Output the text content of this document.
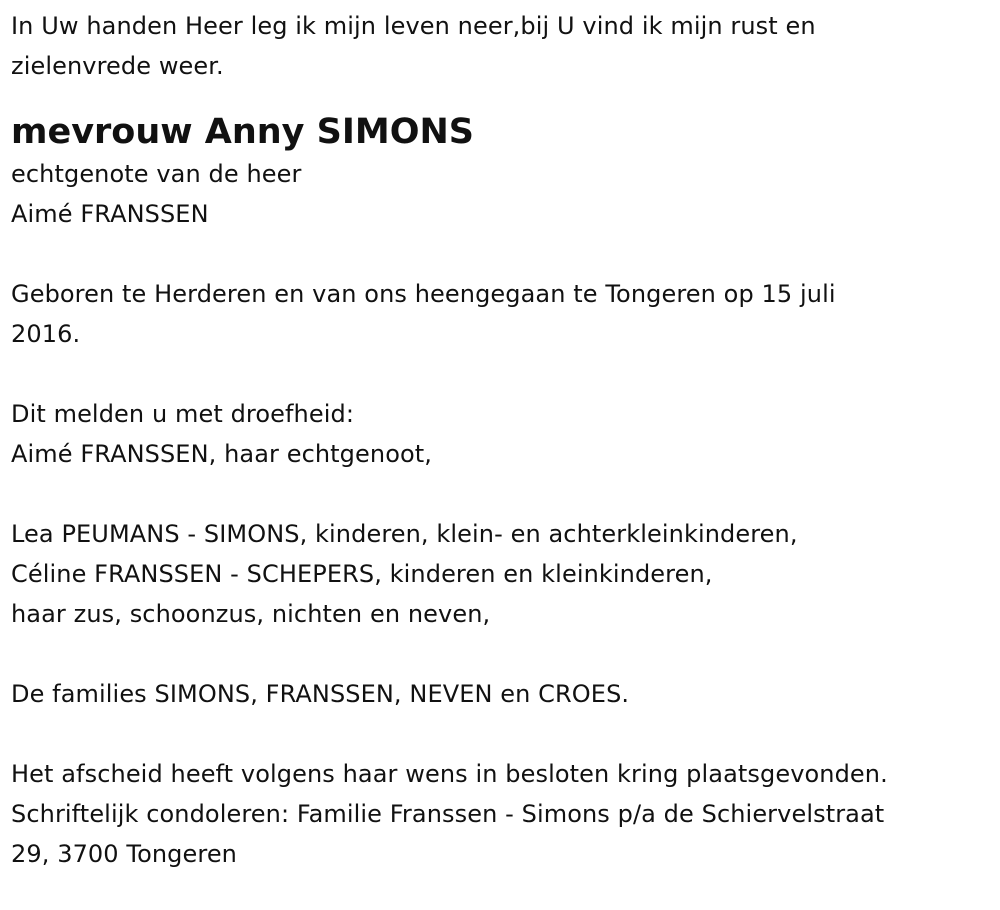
In Uw handen Heer leg ik mijn leven neer,bij U vind ik mijn rust en
zielenvrede weer.
mevrouw Anny SIMONS
echtgenote van de heer
Aimé FRANSSEN
Geboren te Herderen en van ons heengegaan te Tongeren op 15 juli
2016.
Dit melden u met droefheid:
Aimé FRANSSEN, haar echtgenoot,
Lea PEUMANS - SIMONS, kinderen, klein- en achterkleinkinderen,
Céline FRANSSEN - SCHEPERS, kinderen en kleinkinderen,
haar zus, schoonzus, nichten en neven,
De families SIMONS, FRANSSEN, NEVEN en CROES.
Het afscheid heeft volgens haar wens in besloten kring plaatsgevonden.
Schriftelijk condoleren: Familie Franssen - Simons p/a de Schiervelstraat
29, 3700 Tongeren
